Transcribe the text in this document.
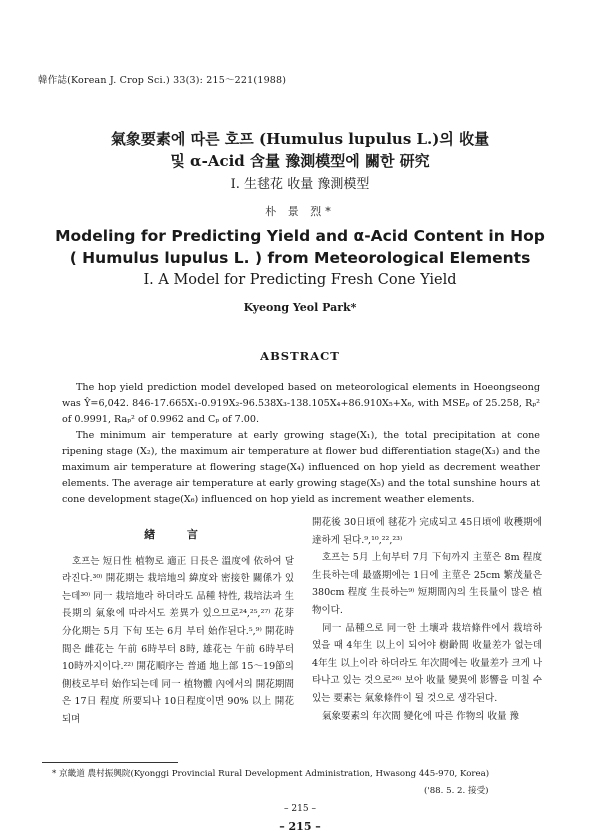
韓作誌(Korean J. Crop Sci.) 33(3): 215～221(1988)
氣象要素에 따른 호프 (Humulus lupulus L.)의 收量
및 α-Acid 含量 豫測模型에 關한 研究
I. 生毬花 收量 豫測模型
朴 景 烈*
Modeling for Predicting Yield and α-Acid Content in Hop
( Humulus lupulus L. ) from Meteorological Elements
I. A Model for Predicting Fresh Cone Yield
Kyeong Yeol Park*
ABSTRACT

The hop yield prediction model developed based on meteorological elements in Hoeongseong was Ŷ=6,042. 846-17.665X₁-0.919X₂-96.538X₃-138.105X₄+86.910X₅+X₆, with MSEₚ of 25.258, Rₚ² of 0.9991, Raₚ² of 0.9962 and Cₚ of 7.00.

The minimum air temperature at early growing stage(X₁), the total precipitation at cone ripening stage (X₂), the maximum air temperature at flower bud differentiation stage(X₃) and the maximum air temperature at flowering stage(X₄) influenced on hop yield as decrement weather elements. The average air temperature at early growing stage(X₅) and the total sunshine hours at cone development stage(X₆) influenced on hop yield as increment weather elements.

緖 言

호프는 短日性 植物로 適正 日長은 溫度에 依하여 달라진다.³⁰⁾ 開花期는 栽培地의 緯度와 密接한 關係가 있는데³⁰⁾ 同一 栽培地라 하더라도 品種 特性, 栽培法과 生長期의 氣象에 따라서도 差異가 있으므로²⁴,²⁵,²⁷⁾ 花芽分化期는 5月 下旬 또는 6月 부터 始作된다.⁵,⁹⁾ 開花時間은 雌花는 午前 6時부터 8時, 雄花는 午前 6時부터 10時까지이다.²²⁾ 開花順序는 普通 地上部 15～19節의 側枝로부터 始作되는데 同一 植物體 內에서의 開花期間은 17日 程度 所要되나 10日程度이면 90% 以上 開花되며

開花後 30日頃에 毬花가 完成되고 45日頃에 收穫期에 達하게 된다.⁹,¹⁰,²²,²³⁾

호프는 5月 上旬부터 7月 下旬까지 主莖은 8m 程度 生長하는데 最盛期에는 1日에 主莖은 25cm 繁茂量은 380cm 程度 生長하는⁹⁾ 短期間內의 生長量이 많은 植物이다.

同一 品種으로 同一한 土壤과 栽培條件에서 栽培하였을 때 4年生 以上이 되어야 樹齡間 收量差가 없는데 4年生 以上이라 하더라도 年次間에는 收量差가 크게 나타나고 있는 것으로²⁶⁾ 보아 收量 變異에 影響을 미칠 수 있는 要素는 氣象條件이 될 것으로 생각된다.

氣象要素의 年次間 變化에 따른 作物의 收量 豫

* 京畿道 農村振興院(Kyonggi Provincial Rural Development Administration, Hwasong 445-970, Korea)
('88. 5. 2. 接受)
– 215 –
– 215 –
